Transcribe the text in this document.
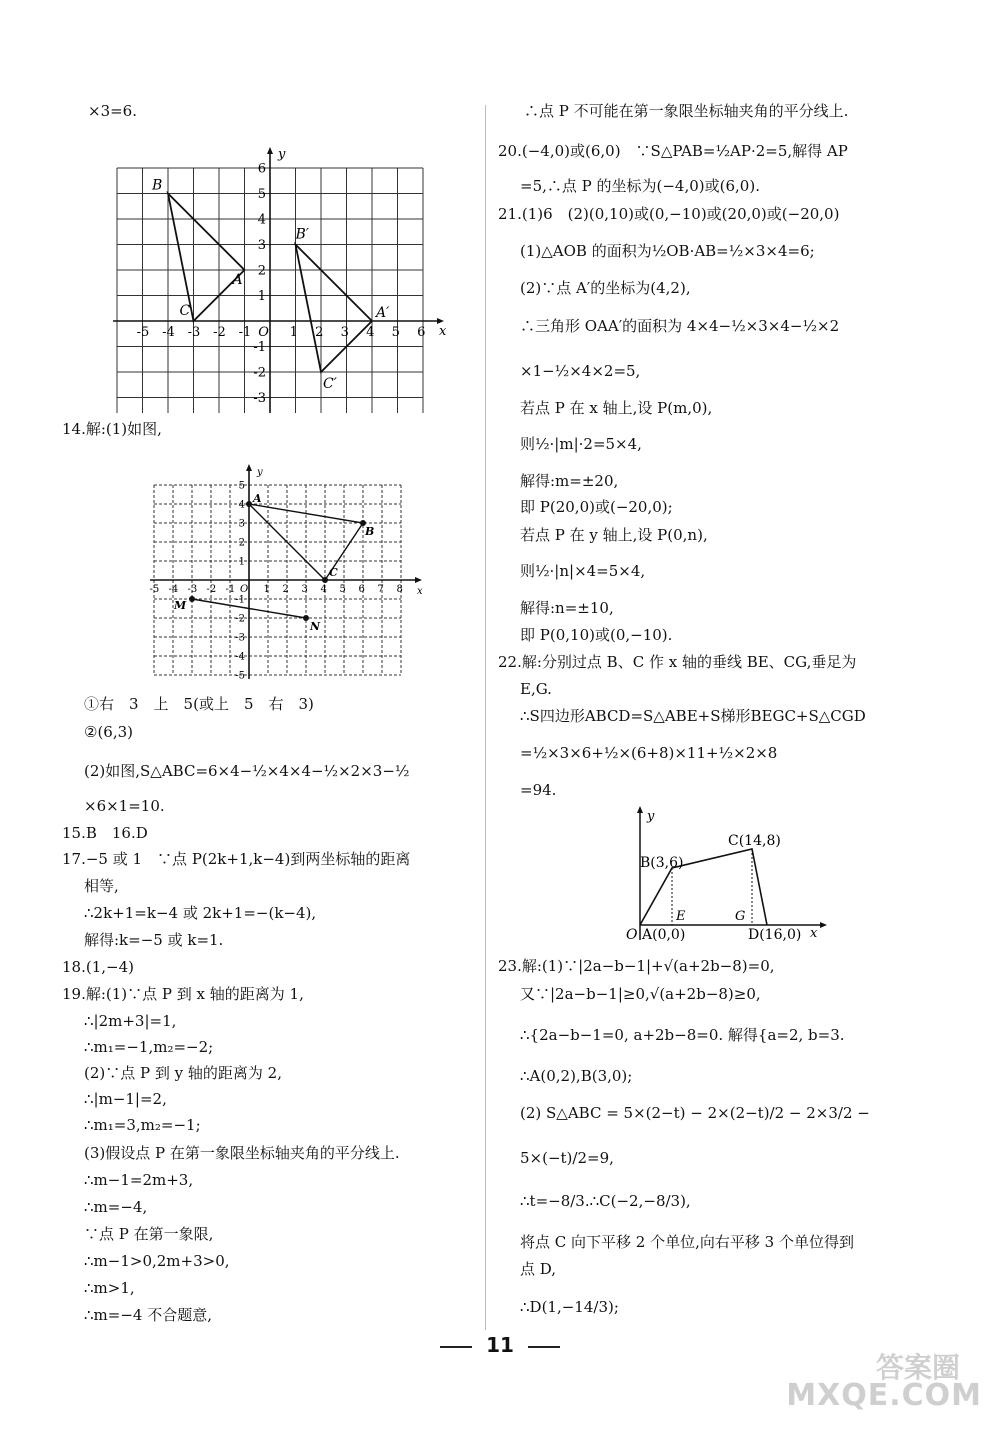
×3=6.
14.解:(1)如图,
①右　3　上　5(或上　5　右　3)
②(6,3)
(2)如图,S△ABC=6×4−½×4×4−½×2×3−½
×6×1=10.
15.B　16.D
17.−5 或 1　∵点 P(2k+1,k−4)到两坐标轴的距离
相等,
∴2k+1=k−4 或 2k+1=−(k−4),
解得:k=−5 或 k=1.
18.(1,−4)
19.解:(1)∵点 P 到 x 轴的距离为 1,
∴|2m+3|=1,
∴m₁=−1,m₂=−2;
(2)∵点 P 到 y 轴的距离为 2,
∴|m−1|=2,
∴m₁=3,m₂=−1;
(3)假设点 P 在第一象限坐标轴夹角的平分线上.
∴m−1=2m+3,
∴m=−4,
∵点 P 在第一象限,
∴m−1>0,2m+3>0,
∴m>1,
∴m=−4 不合题意,
∴点 P 不可能在第一象限坐标轴夹角的平分线上.
20.(−4,0)或(6,0)　∵S△PAB=½AP·2=5,解得 AP
=5,∴点 P 的坐标为(−4,0)或(6,0).
21.(1)6　(2)(0,10)或(0,−10)或(20,0)或(−20,0)
(1)△AOB 的面积为½OB·AB=½×3×4=6;
(2)∵点 A′的坐标为(4,2),
∴三角形 OAA′的面积为 4×4−½×3×4−½×2
×1−½×4×2=5,
若点 P 在 x 轴上,设 P(m,0),
则½·|m|·2=5×4,
解得:m=±20,
即 P(20,0)或(−20,0);
若点 P 在 y 轴上,设 P(0,n),
则½·|n|×4=5×4,
解得:n=±10,
即 P(0,10)或(0,−10).
22.解:分别过点 B、C 作 x 轴的垂线 BE、CG,垂足为
E,G.
∴S四边形ABCD=S△ABE+S梯形BEGC+S△CGD
=½×3×6+½×(6+8)×11+½×2×8
=94.
23.解:(1)∵|2a−b−1|+√(a+2b−8)=0,
又∵|2a−b−1|≥0,√(a+2b−8)≥0,
∴{2a−b−1=0, a+2b−8=0. 解得{a=2, b=3.
∴A(0,2),B(3,0);
(2) S△ABC = 5×(2−t) − 2×(2−t)/2 − 2×3/2 −
5×(−t)/2=9,
∴t=−8/3.∴C(−2,−8/3),
将点 C 向下平移 2 个单位,向右平移 3 个单位得到
点 D,
∴D(1,−14/3);
x
y
-5 -4 -3 -2 -1 O 1 2 3 4 5 6
6
5
4
3
2
1
-1
-2
-3
B
A
C
B′
A′
C′
x
y
-5 -4 -3 -2 -1 O 1 2 3 4 5 6 7 8
5
4
3
2
1
-1
-2
-3
-4
-5
A
B
C
M
N
y
x
B(3,6)
C(14,8)
E	G
O A(0,0)	D(16,0)
11
答案圈
MXQE.COM
